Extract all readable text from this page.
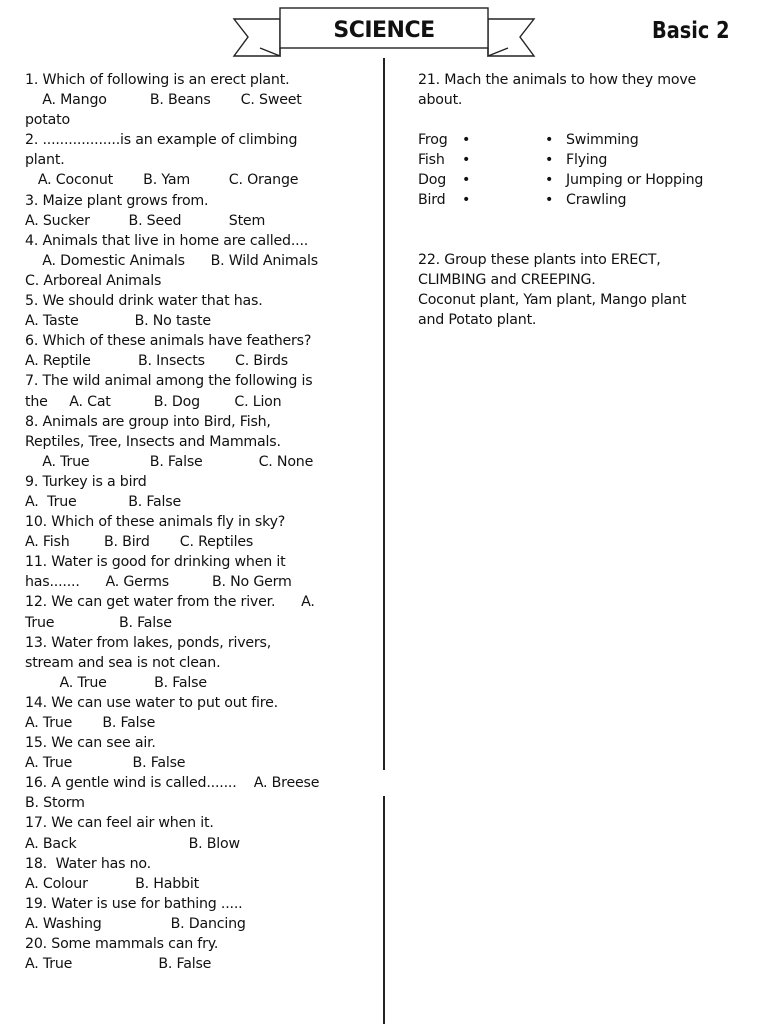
SCIENCE	Basic 2

1. Which of following is an erect plant.

A. Mango          B. Beans       C. Sweet

potato

2. ..................is an example of climbing

plant.

A. Coconut       B. Yam         C. Orange

3. Maize plant grows from.

A. Sucker         B. Seed           Stem

4. Animals that live in home are called....

A. Domestic Animals      B. Wild Animals

C. Arboreal Animals

5. We should drink water that has.

A. Taste             B. No taste

6. Which of these animals have feathers?

A. Reptile           B. Insects       C. Birds

7. The wild animal among the following is

the     A. Cat          B. Dog        C. Lion

8. Animals are group into Bird, Fish,

Reptiles, Tree, Insects and Mammals.

A. True              B. False             C. None

9. Turkey is a bird

A.  True            B. False

10. Which of these animals fly in sky?

A. Fish        B. Bird       C. Reptiles

11. Water is good for drinking when it

has.......      A. Germs          B. No Germ

12. We can get water from the river.      A.

True               B. False

13. Water from lakes, ponds, rivers,

stream and sea is not clean.

A. True           B. False

14. We can use water to put out fire.

A. True       B. False

15. We can see air.

A. True              B. False

16. A gentle wind is called.......    A. Breese

B. Storm

17. We can feel air when it.

A. Back                          B. Blow

18.  Water has no.

A. Colour           B. Habbit

19. Water is use for bathing .....

A. Washing                B. Dancing

20. Some mammals can fry.

A. True                    B. False

21. Mach the animals to how they move

about.

Frog •	• Swimming
Fish •	• Flying
Dog •	• Jumping or Hopping
Bird •	• Crawling

22. Group these plants into ERECT,

CLIMBING and CREEPING.

Coconut plant, Yam plant, Mango plant

and Potato plant.
